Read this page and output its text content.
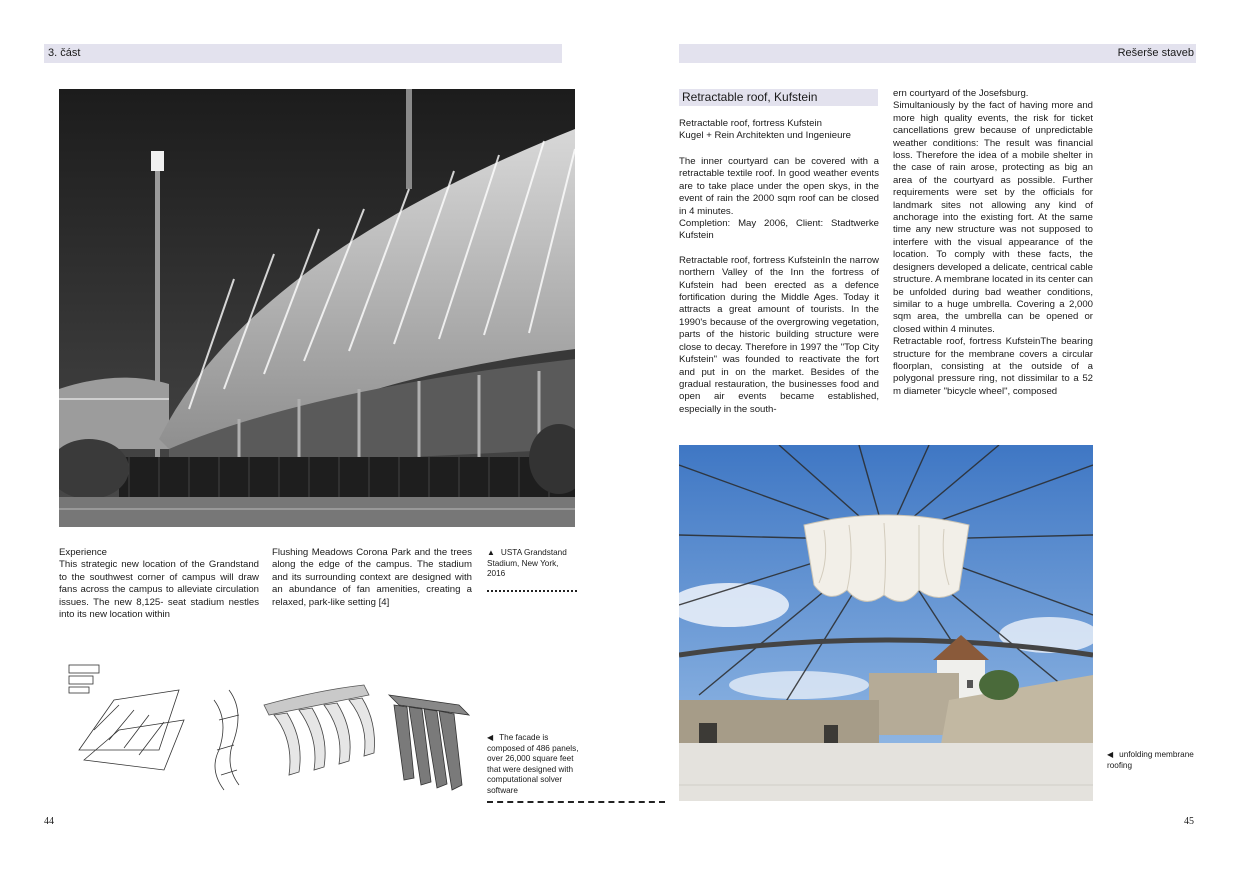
3. část	Rešerše staveb
Experience
This strategic new location of the Grandstand to the southwest corner of campus will draw fans across the campus to alleviate circulation issues. The new 8,125- seat stadium nestles into its new location within
Flushing Meadows Corona Park and the trees along the edge of the campus. The stadium and its surrounding context are designed with an abundance of fan amenities, creating a relaxed, park-like setting [4]

▲ USTA Grandstand Stadium, New York, 2016

◀ The facade is composed of 486 panels, over 26,000 square feet that were designed with computational solver software

44
Retractable roof, Kufstein

Retractable roof, fortress Kufstein

Kugel + Rein Architekten und Ingenieure

The inner courtyard can be covered with a retractable textile roof. In good weather events are to take place under the open skys, in the event of rain the 2000 sqm roof can be closed in 4 minutes.

Completion: May 2006, Client: Stadtwerke Kufstein

Retractable roof, fortress KufsteinIn the narrow northern Valley of the Inn the fortress of Kufstein had been erected as a defence fortification during the Middle Ages. Today it attracts a great amount of tourists. In the 1990's because of the overgrowing vegetation, parts of the historic building structure were close to decay. Therefore in 1997 the "Top City Kufstein" was founded to reactivate the fort and put in on the market. Besides of the gradual restauration, the businesses food and open air events became established, especially in the south-

ern courtyard of the Josefsburg.
Simultaniously by the fact of having more and more high quality events, the risk for ticket cancellations grew because of unpredictable weather conditions: The result was financial loss. Therefore the idea of a mobile shelter in the case of rain arose, protecting as big an area of the courtyard as possible. Further requirements were set by the officials for landmark sites not allowing any kind of anchorage into the existing fort. At the same time any new structure was not supposed to interfere with the visual appearance of the location. To comply with these facts, the designers developed a delicate, centrical cable structure. A membrane located in its center can be unfolded during bad weather conditions, similar to a huge umbrella. Covering a 2,000 sqm area, the umbrella can be opened or closed within 4 minutes.
Retractable roof, fortress KufsteinThe bearing structure for the membrane covers a circular floorplan, consisting at the outside of a polygonal pressure ring, not dissimilar to a 52 m diameter "bicycle wheel", composed

◀ unfolding membrane roofing

45
